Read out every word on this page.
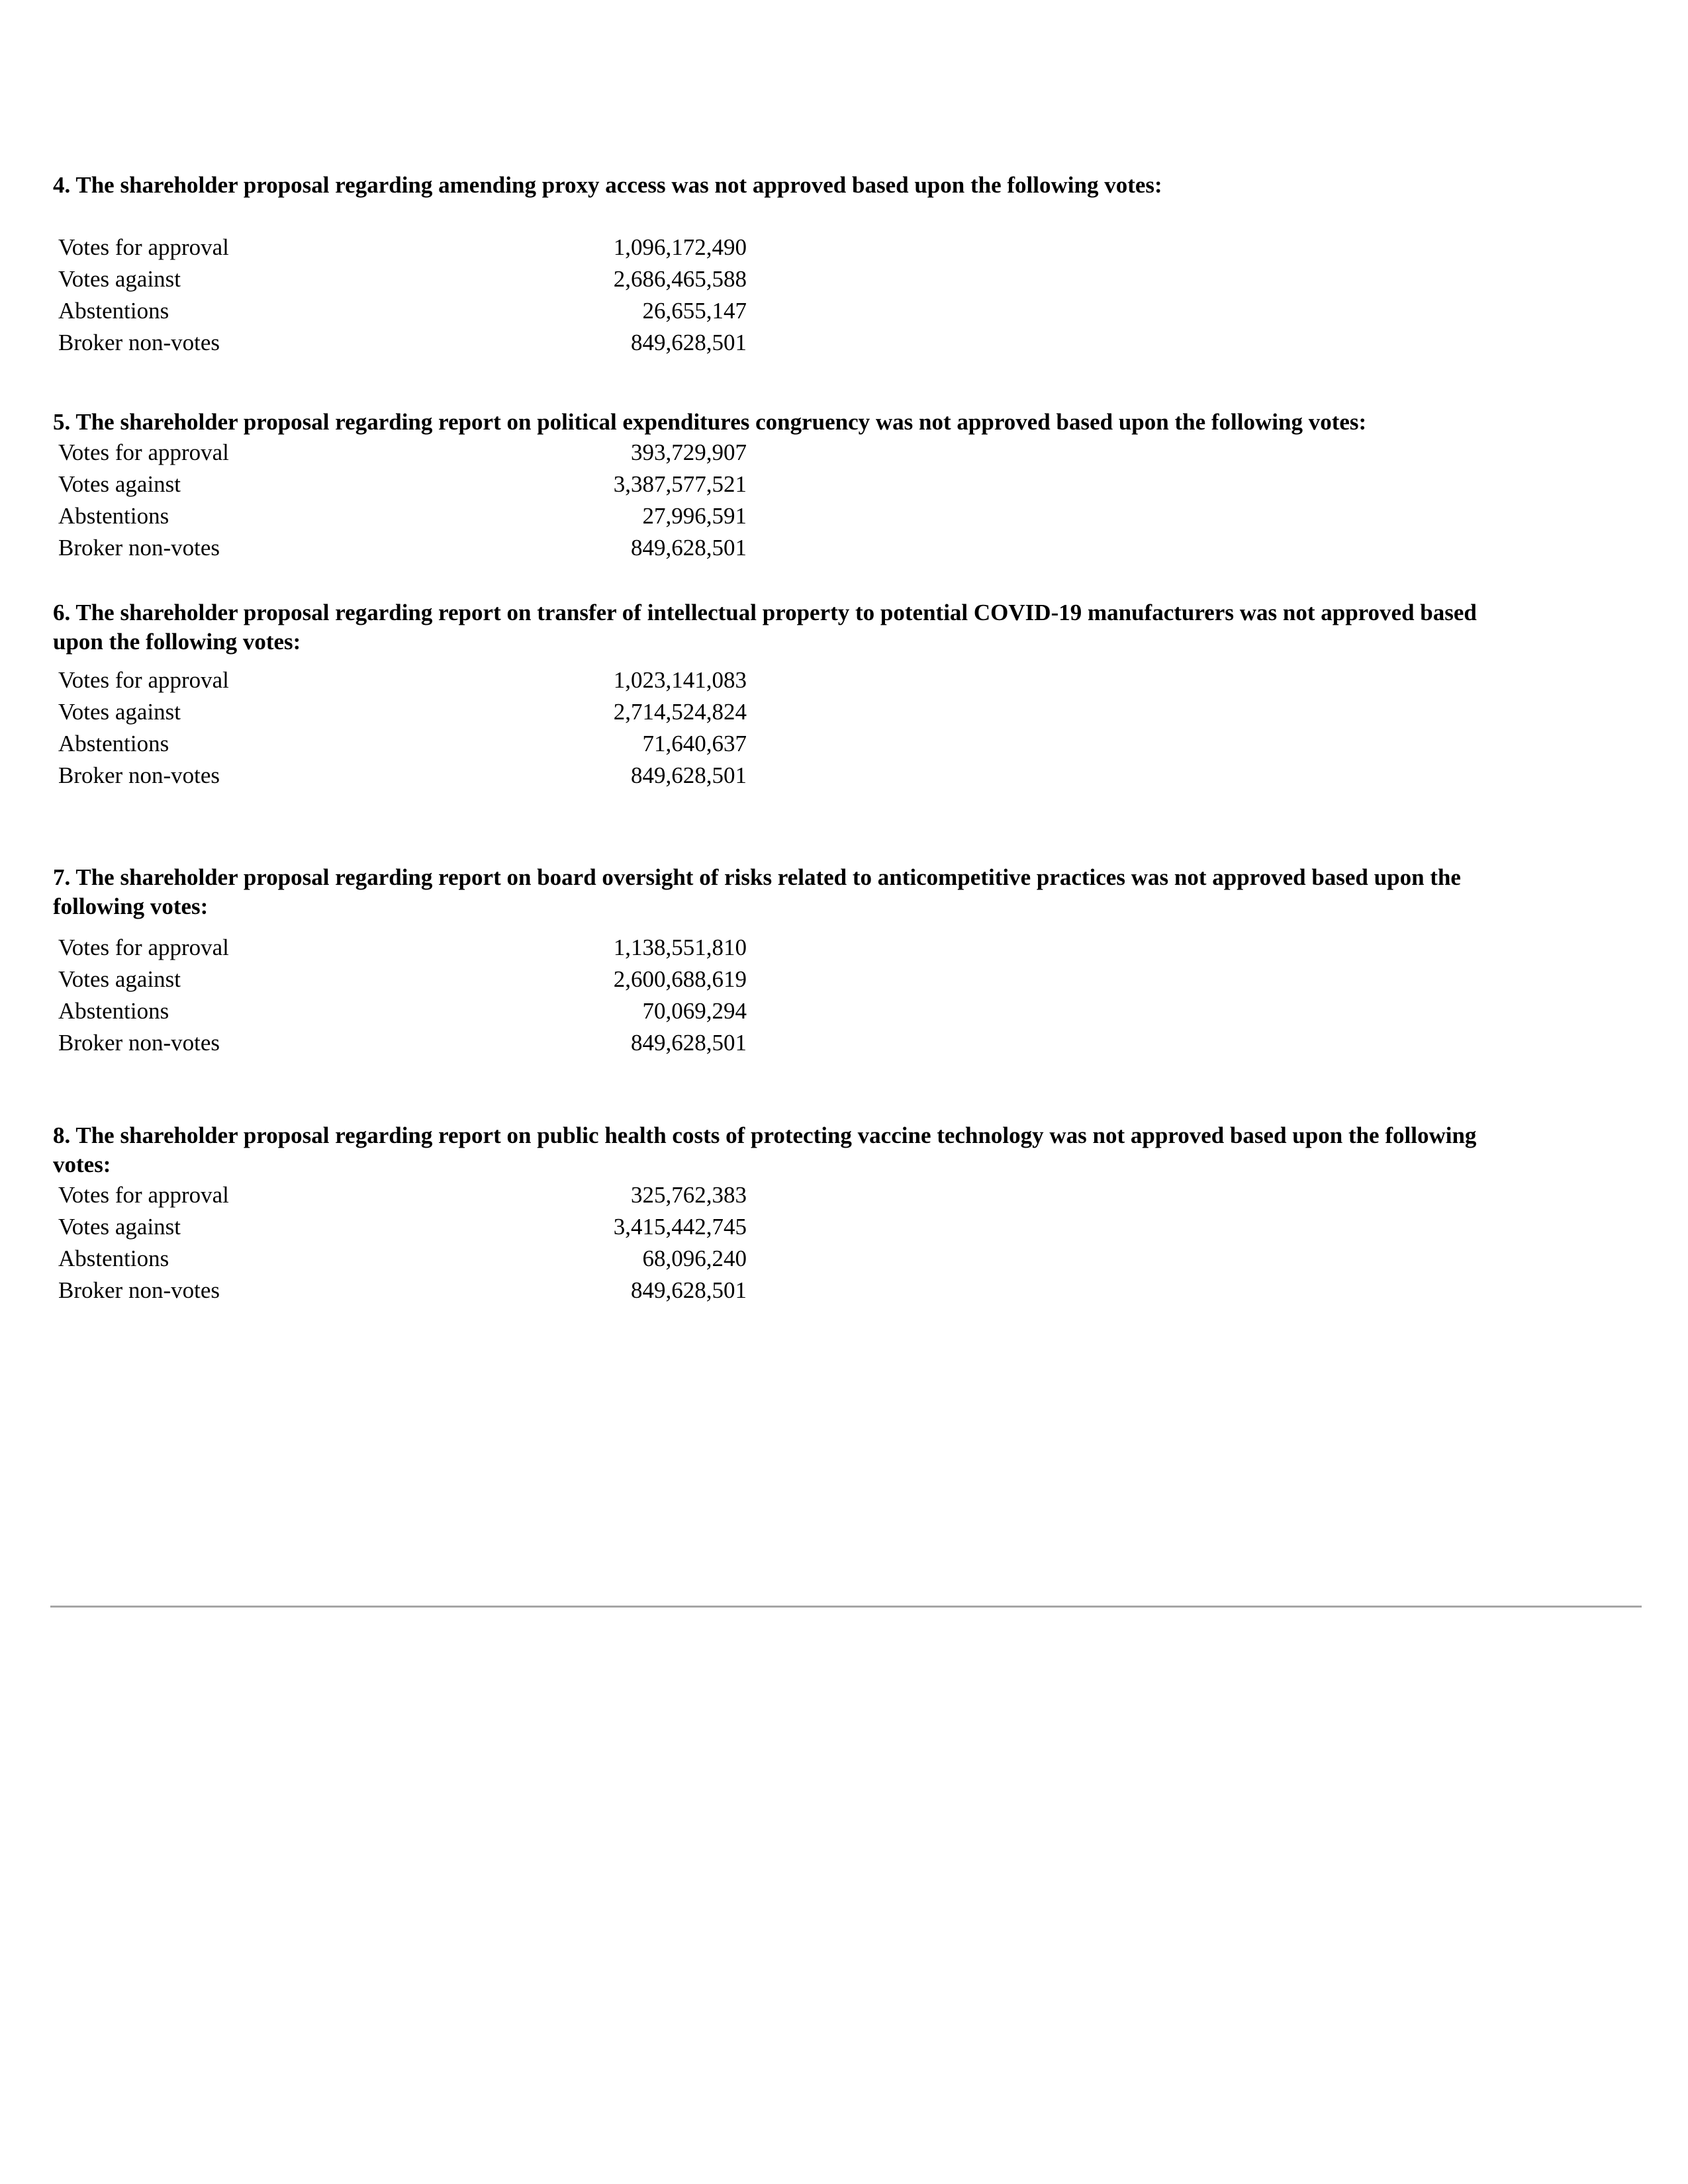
4. The shareholder proposal regarding amending proxy access was not approved based upon the following votes:

Votes for approval	1,096,172,490
Votes against	2,686,465,588
Abstentions	26,655,147
Broker non-votes	849,628,501

5. The shareholder proposal regarding report on political expenditures congruency was not approved based upon the following votes:

Votes for approval	393,729,907
Votes against	3,387,577,521
Abstentions	27,996,591
Broker non-votes	849,628,501

6. The shareholder proposal regarding report on transfer of intellectual property to potential COVID-19 manufacturers was not approved based upon the following votes:

Votes for approval	1,023,141,083
Votes against	2,714,524,824
Abstentions	71,640,637
Broker non-votes	849,628,501

7. The shareholder proposal regarding report on board oversight of risks related to anticompetitive practices was not approved based upon the following votes:

Votes for approval	1,138,551,810
Votes against	2,600,688,619
Abstentions	70,069,294
Broker non-votes	849,628,501

8. The shareholder proposal regarding report on public health costs of protecting vaccine technology was not approved based upon the following votes:

Votes for approval	325,762,383
Votes against	3,415,442,745
Abstentions	68,096,240
Broker non-votes	849,628,501
